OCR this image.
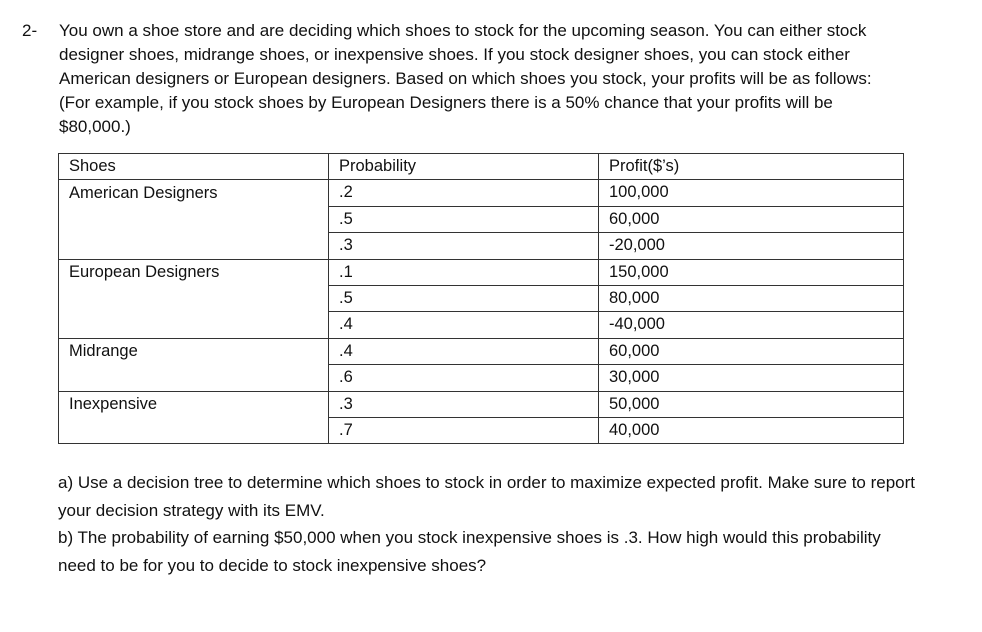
2- You own a shoe store and are deciding which shoes to stock for the upcoming season. You can either stock designer shoes, midrange shoes, or inexpensive shoes. If you stock designer shoes, you can stock either American designers or European designers. Based on which shoes you stock, your profits will be as follows: (For example, if you stock shoes by European Designers there is a 50% chance that your profits will be $80,000.)
Shoes	Probability	Profit($’s)
American Designers	.2	100,000
	.5	60,000
	.3	-20,000
European Designers	.1	150,000
	.5	80,000
	.4	-40,000
Midrange	.4	60,000
	.6	30,000
Inexpensive	.3	50,000
	.7	40,000

a) Use a decision tree to determine which shoes to stock in order to maximize expected profit. Make sure to report your decision strategy with its EMV.

b) The probability of earning $50,000 when you stock inexpensive shoes is .3. How high would this probability need to be for you to decide to stock inexpensive shoes?
